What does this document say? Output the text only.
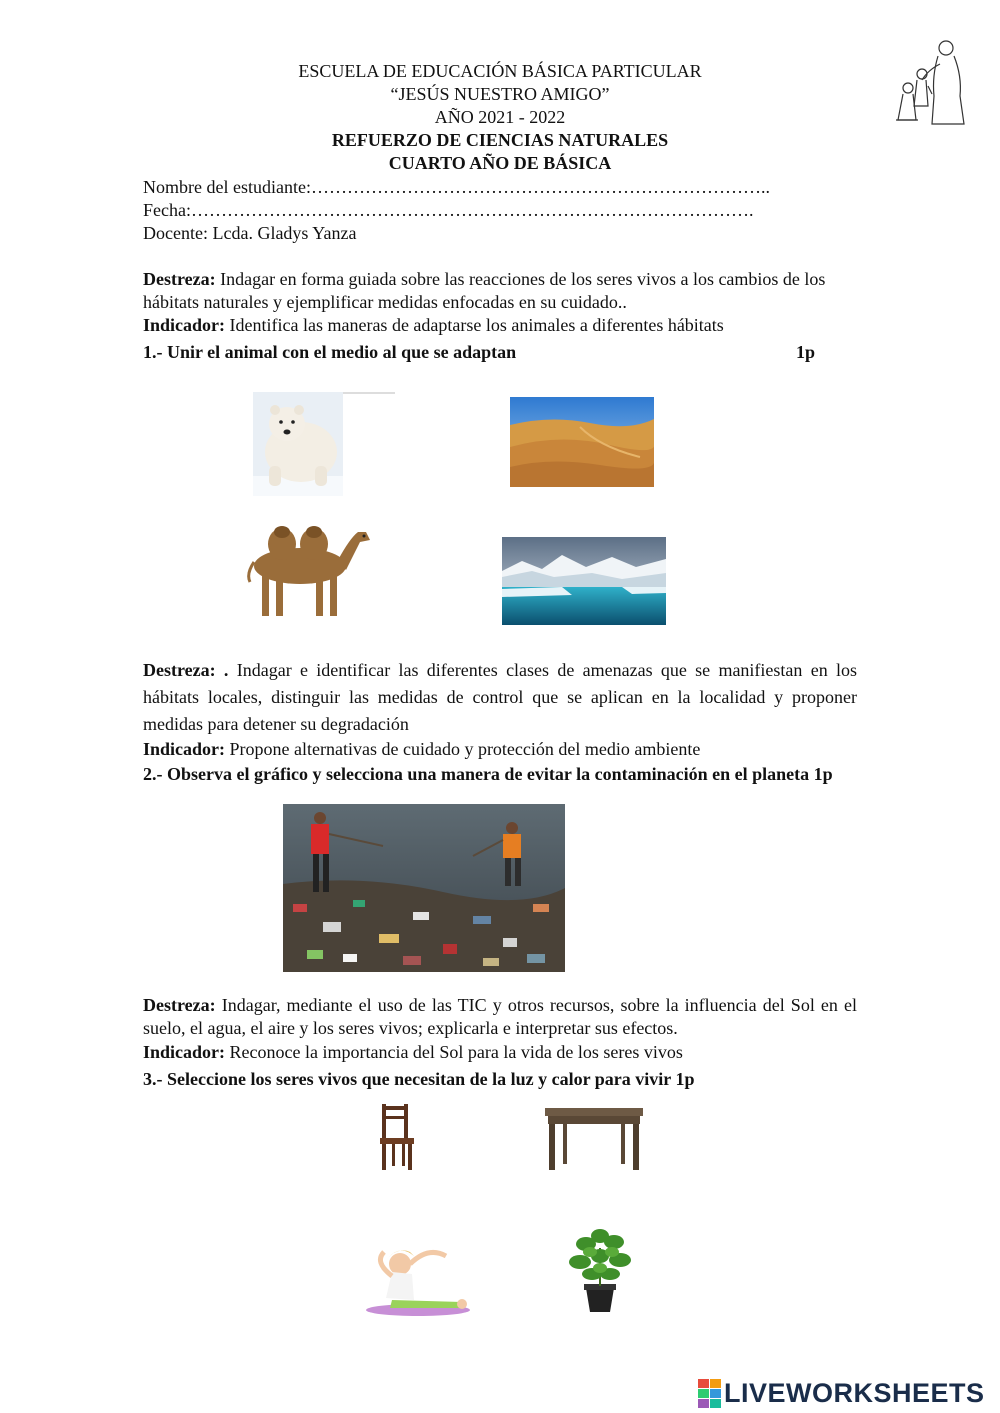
ESCUELA DE EDUCACIÓN BÁSICA PARTICULAR
“JESÚS NUESTRO AMIGO”
AÑO 2021 - 2022
REFUERZO DE CIENCIAS NATURALES
CUARTO AÑO DE BÁSICA
Nombre del estudiante:…………………………………………………………………..
Fecha:………………………………………………………………………………….
Docente: Lcda. Gladys Yanza
Destreza: Indagar en forma guiada sobre las reacciones de los seres vivos a los cambios de los hábitats naturales y ejemplificar medidas enfocadas en su cuidado..
Indicador: Identifica las maneras de adaptarse los animales a diferentes hábitats
1.- Unir el animal con el medio al que se adaptan	1p
Destreza: . Indagar e identificar las diferentes clases de amenazas que se manifiestan en los hábitats locales, distinguir las medidas de control que se aplican en la localidad y proponer medidas para detener su degradación
Indicador: Propone alternativas de cuidado y protección del medio ambiente
2.- Observa el gráfico y selecciona una manera de evitar la contaminación en el planeta 1p
Destreza: Indagar, mediante el uso de las TIC y otros recursos, sobre la influencia del Sol en el suelo, el agua, el aire y los seres vivos; explicarla e interpretar sus efectos.
Indicador: Reconoce la importancia del Sol para la vida de los seres vivos
3.- Seleccione los seres vivos que necesitan de la luz y calor para vivir 1p
LIVEWORKSHEETS
